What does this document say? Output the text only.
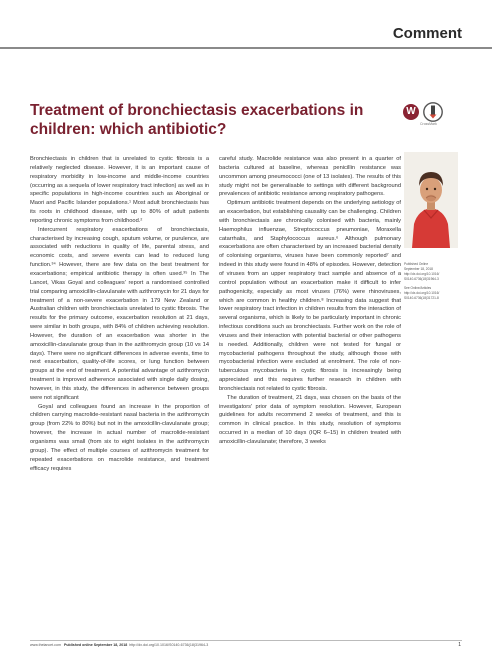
Comment
Treatment of bronchiectasis exacerbations in children: which antibiotic?
W
CrossMark

Bronchiectasis in children that is unrelated to cystic fibrosis is a relatively neglected disease. However, it is an important cause of respiratory morbidity in low-income and middle-income countries (occurring as a sequela of lower respiratory tract infection) as well as in specific populations in high-income countries such as Aboriginal or Maori and Pacific Islander populations.¹ Most adult bronchiectasis has its roots in childhood disease, with up to 80% of adult patients reporting chronic symptoms from childhood.²

Intercurrent respiratory exacerbations of bronchiectasis, characterised by increasing cough, sputum volume, or purulence, are associated with reductions in quality of life, parental stress, and economic costs, and severe events can lead to reduced lung function.³⁴ However, there are few data on the best treatment for exacerbations; empirical antibiotic therapy is often used.³⁵ In The Lancet, Vikas Goyal and colleagues' report a randomised controlled trial comparing amoxicillin-clavulanate with azithromycin for 21 days for treatment of a non-severe exacerbation in 179 New Zealand or Australian children with bronchiectasis unrelated to cystic fibrosis. The results for the primary outcome, exacerbation resolution at 21 days, were similar in both groups, with 84% of children achieving resolution. However, the duration of an exacerbation was shorter in the amoxicillin-clavulanate group than in the azithromycin group (10 vs 14 days). There were no significant differences in adverse events, time to next exacerbation, quality-of-life scores, or lung function between groups at the end of treatment. A potential advantage of azithromycin treatment is improved adherence associated with single daily dosing, however, in this study, the differences in adherence between groups were not significant

Goyal and colleagues found an increase in the proportion of children carrying macrolide-resistant nasal bacteria in the azithromycin group (from 22% to 80%) but not in the amoxicillin-clavulanate group; however, the increase in actual number of macrolide-resistant organisms was small (from six to eight isolates in the azithromycin group). The effect of multiple courses of azithromycin treatment for repeated exacerbations on macrolide resistance, and treatment efficacy requires

careful study. Macrolide resistance was also present in a quarter of bacteria cultured at baseline, whereas penicillin resistance was uncommon among pneumococci (one of 13 isolates). The results of this study might not be generalisable to settings with different background prevalences of antibiotic resistance among respiratory pathogens.

Optimum antibiotic treatment depends on the underlying aetiology of an exacerbation, but establishing causality can be challenging. Children with bronchiectasis are chronically colonised with bacteria, mainly Haemophilus influenzae, Streptococcus pneumoniae, Moraxella catarrhalis, and Staphylococcus aureus.⁶ Although pulmonary exacerbations are often characterised by an increased bacterial density of colonising organisms, viruses have been commonly reported⁷ and indeed in this study were found in 48% of episodes. However, detection of viruses from an upper respiratory tract sample and absence of a control population without an exacerbation make it difficult to infer pathogenicity, especially as most viruses (76%) were rhinoviruses, which are common in healthy children.⁸ Increasing data suggest that lower respiratory tract infection in children results from the interaction of several organisms, which is likely to be particularly important in chronic infectious conditions such as bronchiectasis. Further work on the role of viruses and their interaction with potential bacterial or other pathogens is needed. Additionally, children were not tested for fungal or mycobacterial pathogens throughout the study, although those with mycobacterial infection were excluded at enrolment. The role of non-tuberculous mycobacteria in cystic fibrosis is increasingly being appreciated and this requires further research in children with bronchiectasis not related to cystic fibrosis.

The duration of treatment, 21 days, was chosen on the basis of the investigators' prior data of symptom resolution. However, European guidelines for adults recommend 2 weeks of treatment, and this is common in clinical practice. In this study, resolution of symptoms occurred in a median of 10 days (IQR 6–15) in children treated with amoxicillin-clavulanate; therefore, 3 weeks

Published Online
September 18, 2018
http://dx.doi.org/10.1016/
S0140-6736(18)31964-3
See Online/Articles
http://dx.doi.org/10.1016/
S0140-6736(18)31721-8
www.thelancet.com Published online September 18, 2018 http://dx.doi.org/10.1016/S0140-6736(18)31964-3	1
